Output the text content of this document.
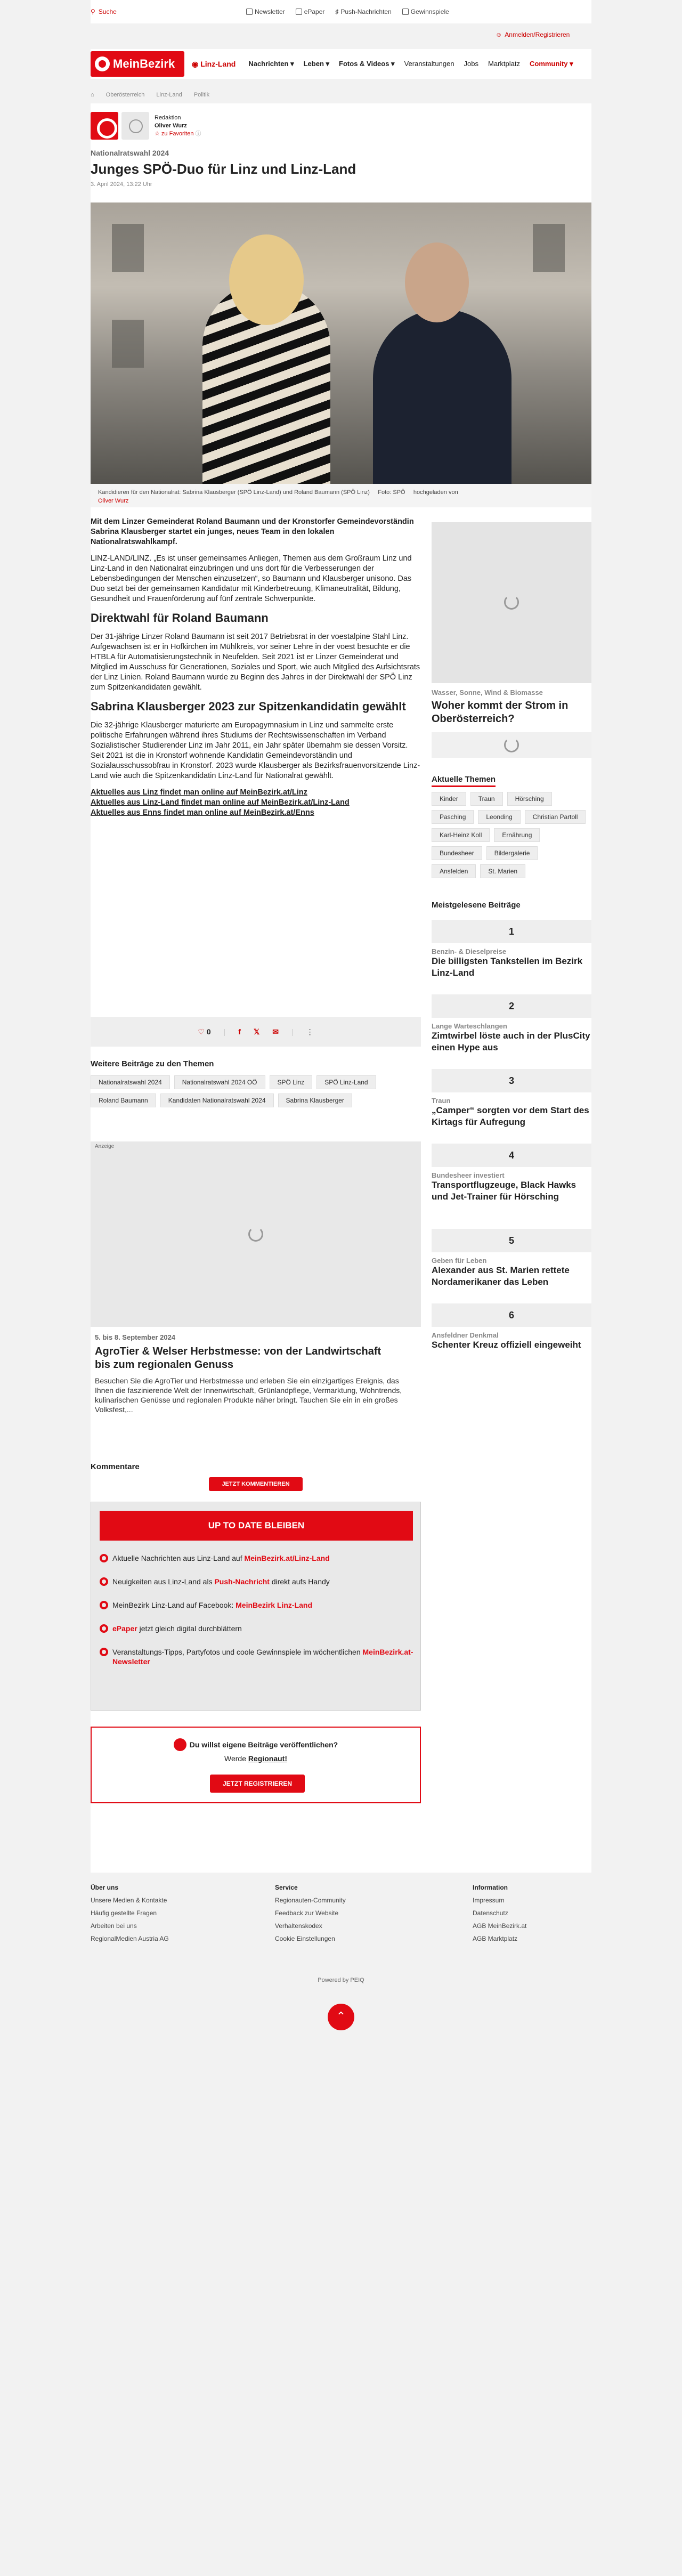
⚲ Suche	Newsletter	ePaper ♯ Push-Nachrichten	Gewinnspiele
☺ Anmelden/Registrieren
MeinBezirk ◉ Linz-Land Nachrichten ▾ Leben ▾ Fotos & Videos ▾ Veranstaltungen Jobs Marktplatz Community ▾
⌂ Oberösterreich Linz-Land Politik
Redaktion
Oliver Wurz
☆ zu Favoriten ⓘ
Nationalratswahl 2024
Junges SPÖ-Duo für Linz und Linz-Land
3. April 2024, 13:22 Uhr
Kandidieren für den Nationalrat: Sabrina Klausberger (SPÖ Linz-Land) und Roland Baumann (SPÖ Linz) Foto: SPÖ hochgeladen von
Oliver Wurz

Mit dem Linzer Gemeinderat Roland Baumann und der Kronstorfer Gemeindevorständin Sabrina Klausberger startet ein junges, neues Team in den lokalen Nationalratswahlkampf.

LINZ-LAND/LINZ. „Es ist unser gemeinsames Anliegen, Themen aus dem Großraum Linz und Linz-Land in den Nationalrat einzubringen und uns dort für die Verbesserungen der Lebensbedingungen der Menschen einzusetzen“, so Baumann und Klausberger unisono. Das Duo setzt bei der gemeinsamen Kandidatur mit Kinderbetreuung, Klimaneutralität, Bildung, Gesundheit und Frauenförderung auf fünf zentrale Schwerpunkte.

Direktwahl für Roland Baumann

Der 31-jährige Linzer Roland Baumann ist seit 2017 Betriebsrat in der voestalpine Stahl Linz. Aufgewachsen ist er in Hofkirchen im Mühlkreis, vor seiner Lehre in der voest besuchte er die HTBLA für Automatisierungstechnik in Neufelden. Seit 2021 ist er Linzer Gemeinderat und Mitglied im Ausschuss für Generationen, Soziales und Sport, wie auch Mitglied des Aufsichtsrats der Linz Linien. Roland Baumann wurde zu Beginn des Jahres in der Direktwahl der SPÖ Linz zum Spitzenkandidaten gewählt.

Sabrina Klausberger 2023 zur Spitzenkandidatin gewählt

Die 32-jährige Klausberger maturierte am Europagymnasium in Linz und sammelte erste politische Erfahrungen während ihres Studiums der Rechtswissenschaften im Verband Sozialistischer Studierender Linz im Jahr 2011, ein Jahr später übernahm sie dessen Vorsitz. Seit 2021 ist die in Kronstorf wohnende Kandidatin Gemeindevorständin und Sozialausschussobfrau in Kronstorf. 2023 wurde Klausberger als Bezirksfrauenvorsitzende Linz-Land wie auch die Spitzenkandidatin Linz-Land für Nationalrat gewählt.

Aktuelles aus Linz findet man online auf MeinBezirk.at/Linz
Aktuelles aus Linz-Land findet man online auf MeinBezirk.at/Linz-Land
Aktuelles aus Enns findet man online auf MeinBezirk.at/Enns
♡ 0 | f 𝕏 ✉ | ⋮
Weitere Beiträge zu den Themen
Nationalratswahl 2024	Nationalratswahl 2024 OÖ	SPÖ Linz	SPÖ Linz-Land
Roland Baumann	Kandidaten Nationalratswahl 2024	Sabrina Klausberger
Anzeige
5. bis 8. September 2024
AgroTier & Welser Herbstmesse: von der Landwirtschaft bis zum regionalen Genuss
Besuchen Sie die AgroTier und Herbstmesse und erleben Sie ein einzigartiges Ereignis, das Ihnen die faszinierende Welt der Innenwirtschaft, Grünlandpflege, Vermarktung, Wohntrends, kulinarischen Genüsse und regionalen Produkte näher bringt. Tauchen Sie ein in ein großes Volksfest,...
Kommentare
JETZT KOMMENTIEREN
UP TO DATE BLEIBEN
Aktuelle Nachrichten aus Linz-Land auf MeinBezirk.at/Linz-Land
Neuigkeiten aus Linz-Land als Push-Nachricht direkt aufs Handy
MeinBezirk Linz-Land auf Facebook: MeinBezirk Linz-Land
ePaper jetzt gleich digital durchblättern
Veranstaltungs-Tipps, Partyfotos und coole Gewinnspiele im wöchentlichen MeinBezirk.at-Newsletter
Du willst eigene Beiträge veröffentlichen?
Werde Regionaut!
JETZT REGISTRIEREN
Wasser, Sonne, Wind & Biomasse
Woher kommt der Strom in Oberösterreich?
Aktuelle Themen
Kinder	Traun	Hörsching
Pasching	Leonding	Christian Partoll
Karl-Heinz Koll	Ernährung
Bundesheer	Bildergalerie
Ansfelden	St. Marien
Meistgelesene Beiträge
1
Benzin- & Dieselpreise
Die billigsten Tankstellen im Bezirk Linz-Land
2
Lange Warteschlangen
Zimtwirbel löste auch in der PlusCity einen Hype aus
3
Traun
„Camper“ sorgten vor dem Start des Kirtags für Aufregung
4
Bundesheer investiert
Transportflugzeuge, Black Hawks und Jet-Trainer für Hörsching
5
Geben für Leben
Alexander aus St. Marien rettete Nordamerikaner das Leben
6
Ansfeldner Denkmal
Schenter Kreuz offiziell eingeweiht
Über uns
Unsere Medien & Kontakte
Häufig gestellte Fragen
Arbeiten bei uns
RegionalMedien Austria AG
Service
Regionauten-Community
Feedback zur Website
Verhaltenskodex
Cookie Einstellungen
Information
Impressum
Datenschutz
AGB MeinBezirk.at
AGB Marktplatz
Powered by PEIQ
⌃
